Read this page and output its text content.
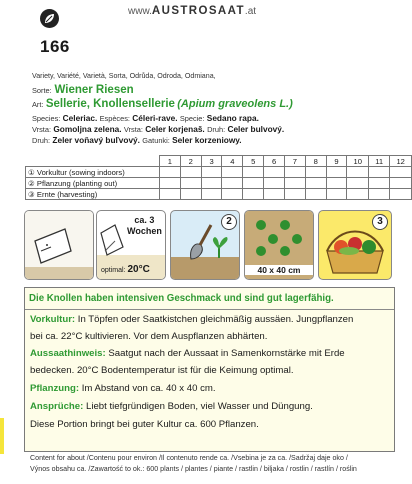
www.AUSTROSAAT.at
166
Variety, Variété, Varietà, Sorta, Odrůda, Odroda, Odmiana,
Sorte: Wiener Riesen
Art: Sellerie, Knollensellerie (Apium graveolens L.)
Species: Celeriac. Espèces: Céleri-rave. Specie: Sedano rapa.
Vrsta: Gomoljna zelena. Vrsta: Celer korjenaš. Druh: Celer bulvový.
Druh: Zeler voňavý buľvový. Gatunki: Seler korzeniowy.
	1	2	3	4	5	6	7	8	9	10	11	12
① Vorkultur (sowing indoors)												
② Pflanzung (planting out)												
③ Ernte (harvesting)												
ca. 3
Wochen
optimal: 20°C
2
40 x 40 cm
3
Die Knollen haben intensiven Geschmack und sind gut lagerfähig.
Vorkultur: In Töpfen oder Saatkistchen gleichmäßig aussäen. Jungpflanzen
bei ca. 22°C kultivieren. Vor dem Auspflanzen abhärten.
Aussaathinweis: Saatgut nach der Aussaat in Samenkornstärke mit Erde
bedecken. 20°C Bodentemperatur ist für die Keimung optimal.
Pflanzung: Im Abstand von ca. 40 x 40 cm.
Ansprüche: Liebt tiefgründigen Boden, viel Wasser und Düngung.
Diese Portion bringt bei guter Kultur ca. 600 Pflanzen.
Content for about /Contenu pour environ /Il contenuto rende ca. /Vsebina je za ca. /Sadržaj daje oko /
Výnos obsahu ca. /Zawartość to ok.: 600 plants / plantes / piante / rastlin / biljaka / rostlin / rastlín / roślin
